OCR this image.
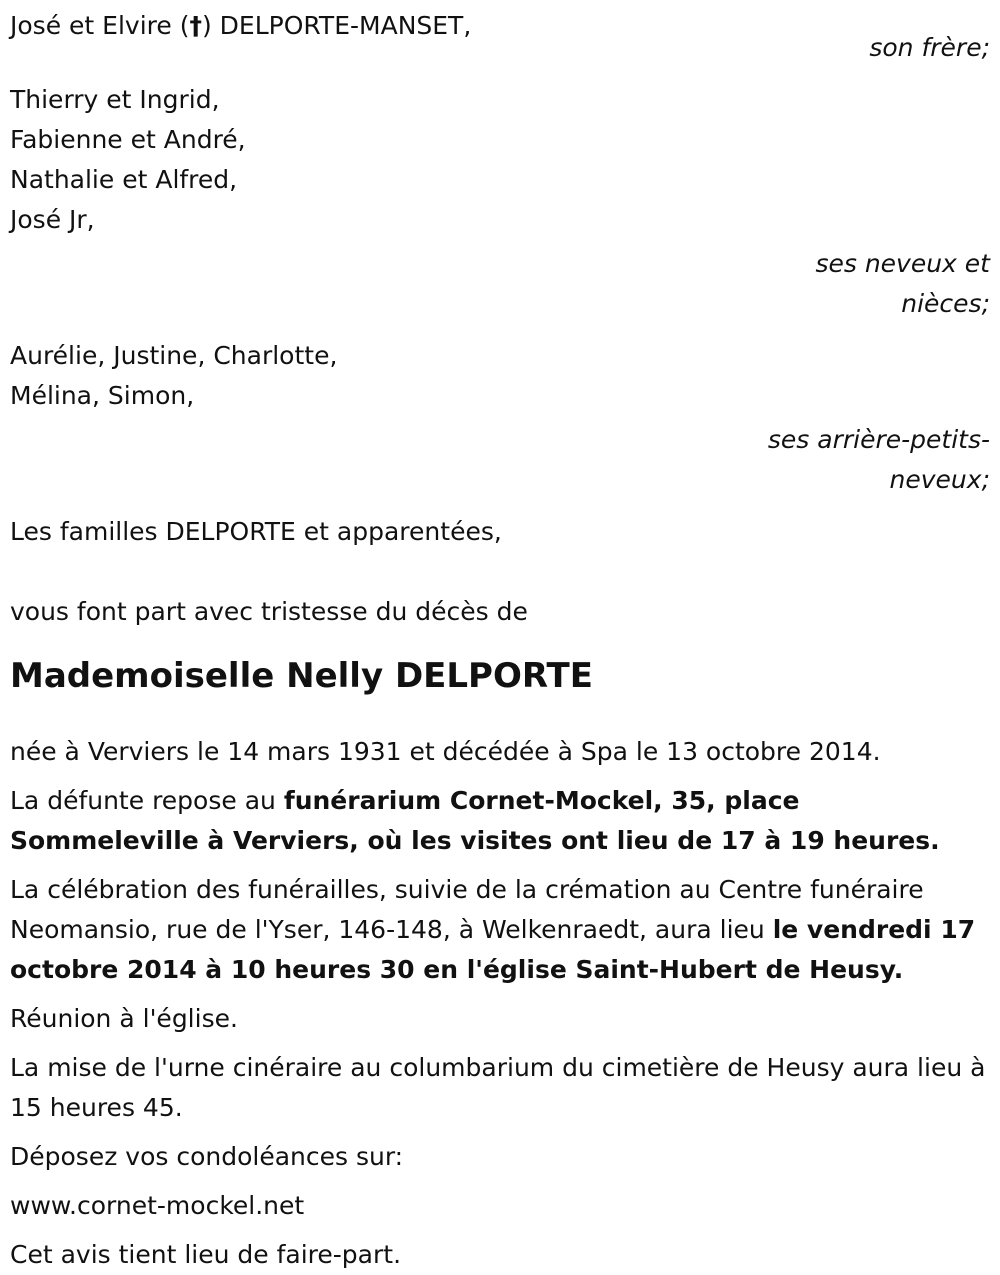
José et Elvire (†) DELPORTE-MANSET,
son frère;
Thierry et Ingrid,
Fabienne et André,
Nathalie et Alfred,
José Jr,
ses neveux et
nièces;
Aurélie, Justine, Charlotte,
Mélina, Simon,
ses arrière-petits-
neveux;
Les familles DELPORTE et apparentées,
vous font part avec tristesse du décès de
Mademoiselle Nelly DELPORTE

née à Verviers le 14 mars 1931 et décédée à Spa le 13 octobre 2014.

La défunte repose au funérarium Cornet-Mockel, 35, place Sommeleville à Verviers, où les visites ont lieu de 17 à 19 heures.

La célébration des funérailles, suivie de la crémation au Centre funéraire Neomansio, rue de l'Yser, 146-148, à Welkenraedt, aura lieu le vendredi 17 octobre 2014 à 10 heures 30 en l'église Saint-Hubert de Heusy.

Réunion à l'église.

La mise de l'urne cinéraire au columbarium du cimetière de Heusy aura lieu à 15 heures 45.

Déposez vos condoléances sur:

www.cornet-mockel.net

Cet avis tient lieu de faire-part.
